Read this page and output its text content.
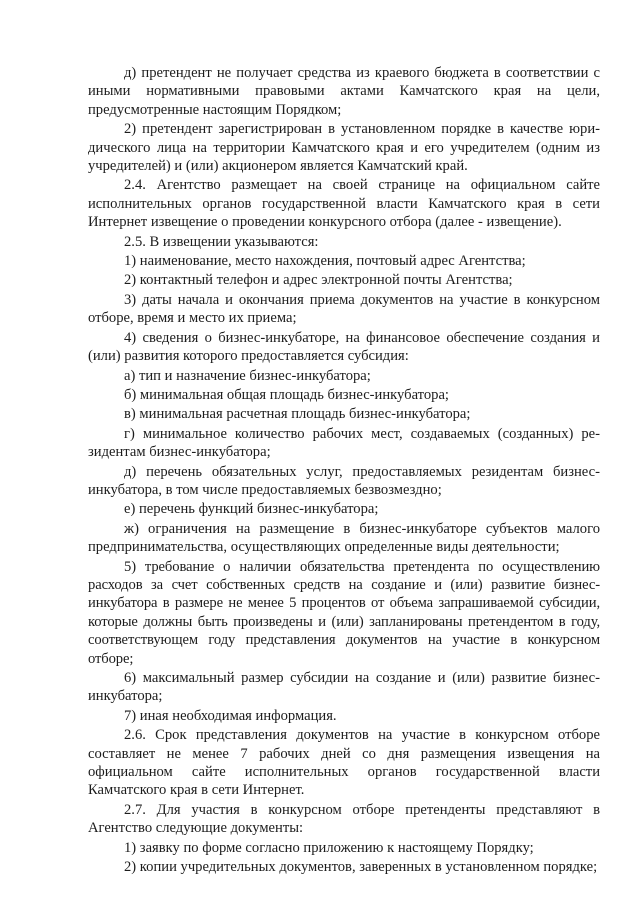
д) претендент не получает средства из краевого бюджета в соответствии с иными нормативными правовыми актами Камчатского края на цели, предусмотренные настоящим Порядком;

2) претендент зарегистрирован в установленном порядке в качестве юридического лица на территории Камчатского края и его учредителем (одним из учредителей) и (или) акционером является Камчатский край.

2.4. Агентство размещает на своей странице на официальном сайте исполнительных органов государственной власти Камчатского края в сети Интернет извещение о проведении конкурсного отбора (далее - извещение).

2.5. В извещении указываются:

1) наименование, место нахождения, почтовый адрес Агентства;

2) контактный телефон и адрес электронной почты Агентства;

3) даты начала и окончания приема документов на участие в конкурсном отборе, время и место их приема;

4) сведения о бизнес-инкубаторе, на финансовое обеспечение создания и (или) развития которого предоставляется субсидия:

а) тип и назначение бизнес-инкубатора;

б) минимальная общая площадь бизнес-инкубатора;

в) минимальная расчетная площадь бизнес-инкубатора;

г) минимальное количество рабочих мест, создаваемых (созданных) резидентам бизнес-инкубатора;

д) перечень обязательных услуг, предоставляемых резидентам бизнес-инкубатора, в том числе предоставляемых безвозмездно;

е) перечень функций бизнес-инкубатора;

ж) ограничения на размещение в бизнес-инкубаторе субъектов малого предпринимательства, осуществляющих определенные виды деятельности;

5) требование о наличии обязательства претендента по осуществлению расходов за счет собственных средств на создание и (или) развитие бизнес-инкубатора в размере не менее 5 процентов от объема запрашиваемой субсидии, которые должны быть произведены и (или) запланированы претендентом в году, соответствующем году представления документов на участие в конкурсном отборе;

6) максимальный размер субсидии на создание и (или) развитие бизнес-инкубатора;

7) иная необходимая информация.

2.6. Срок представления документов на участие в конкурсном отборе составляет не менее 7 рабочих дней со дня размещения извещения на официальном сайте исполнительных органов государственной власти Камчатского края в сети Интернет.

2.7. Для участия в конкурсном отборе претенденты представляют в Агентство следующие документы:

1) заявку по форме согласно приложению к настоящему Порядку;

2) копии учредительных документов, заверенных в установленном порядке;
